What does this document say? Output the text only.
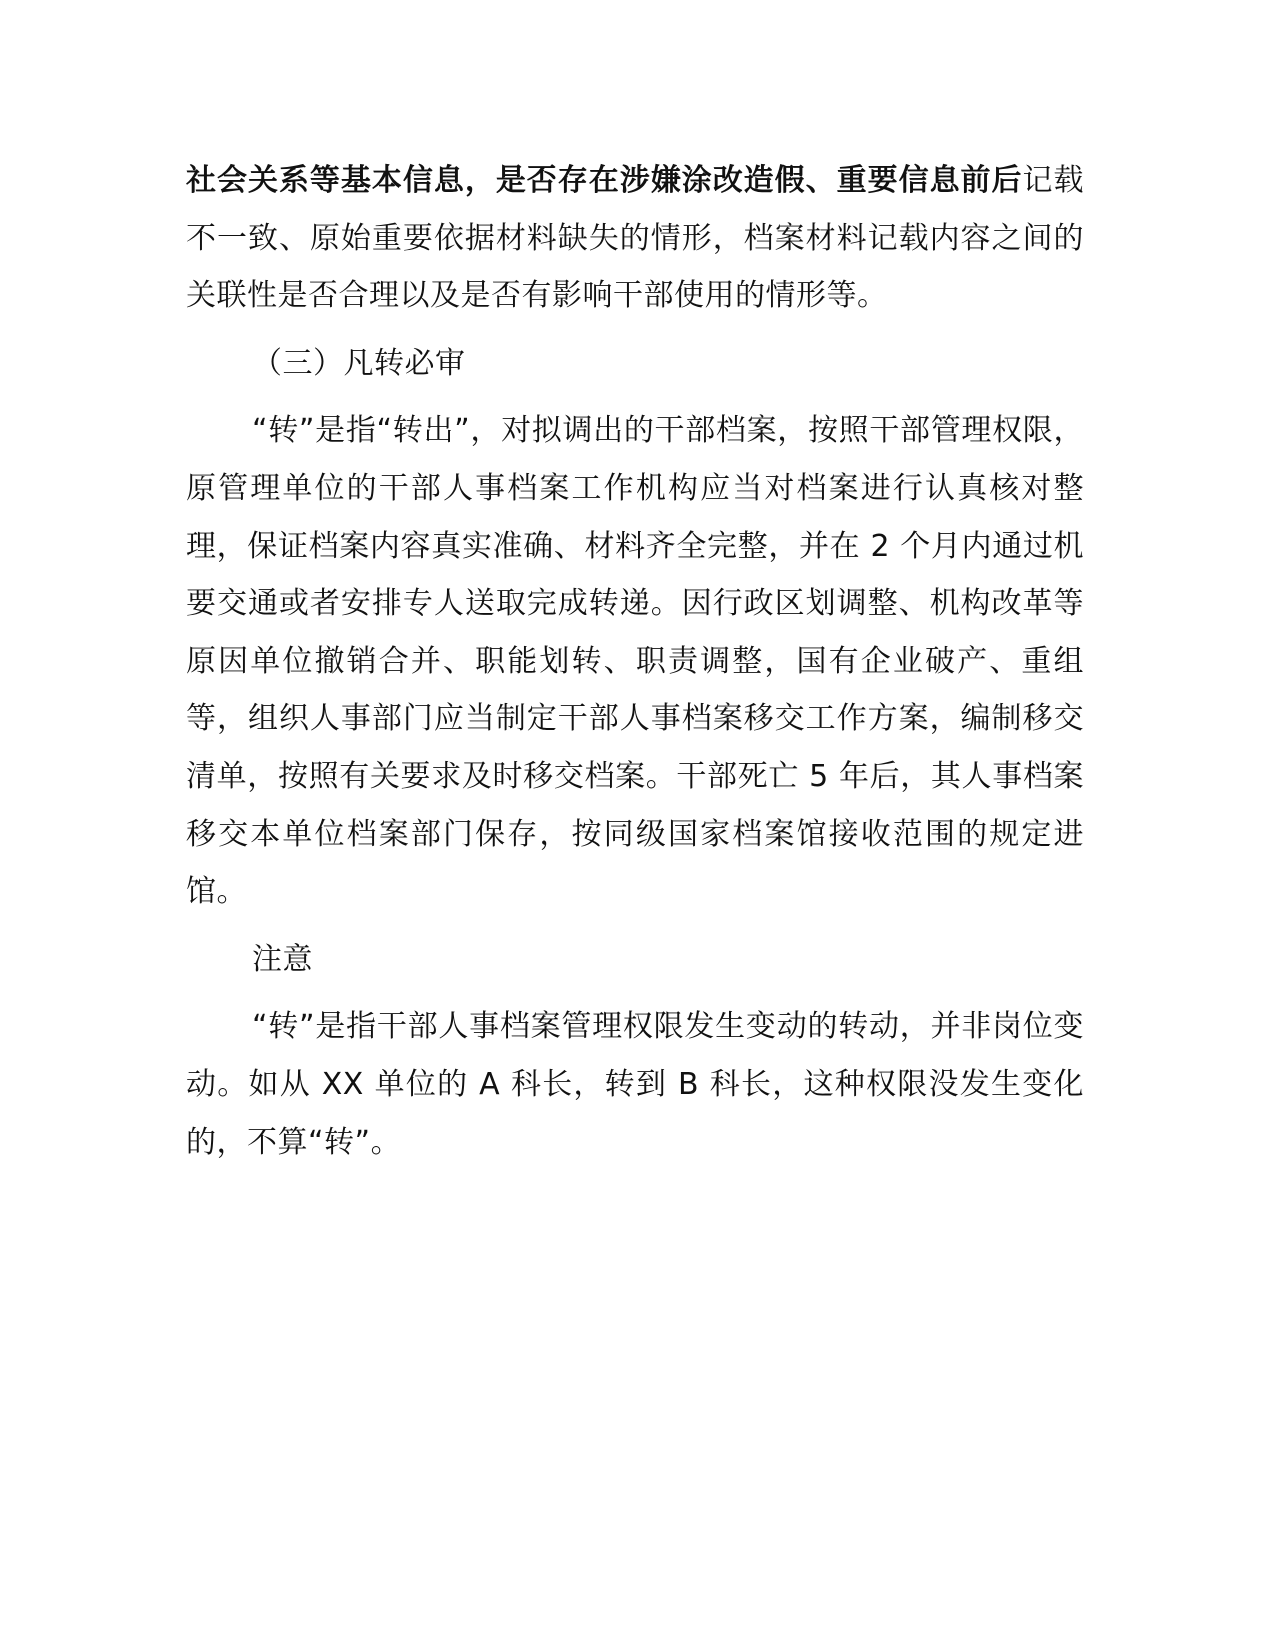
社会关系等基本信息，是否存在涉嫌涂改造假、重要信息前后记载不一致、原始重要依据材料缺失的情形，档案材料记载内容之间的关联性是否合理以及是否有影响干部使用的情形等。

（三）凡转必审

“转”是指“转出”，对拟调出的干部档案，按照干部管理权限，原管理单位的干部人事档案工作机构应当对档案进行认真核对整理，保证档案内容真实准确、材料齐全完整，并在 2 个月内通过机要交通或者安排专人送取完成转递。因行政区划调整、机构改革等原因单位撤销合并、职能划转、职责调整，国有企业破产、重组等，组织人事部门应当制定干部人事档案移交工作方案，编制移交清单，按照有关要求及时移交档案。干部死亡 5 年后，其人事档案移交本单位档案部门保存，按同级国家档案馆接收范围的规定进馆。

注意

“转”是指干部人事档案管理权限发生变动的转动，并非岗位变动。如从 XX 单位的 A 科长，转到 B 科长，这种权限没发生变化的，不算“转”。
